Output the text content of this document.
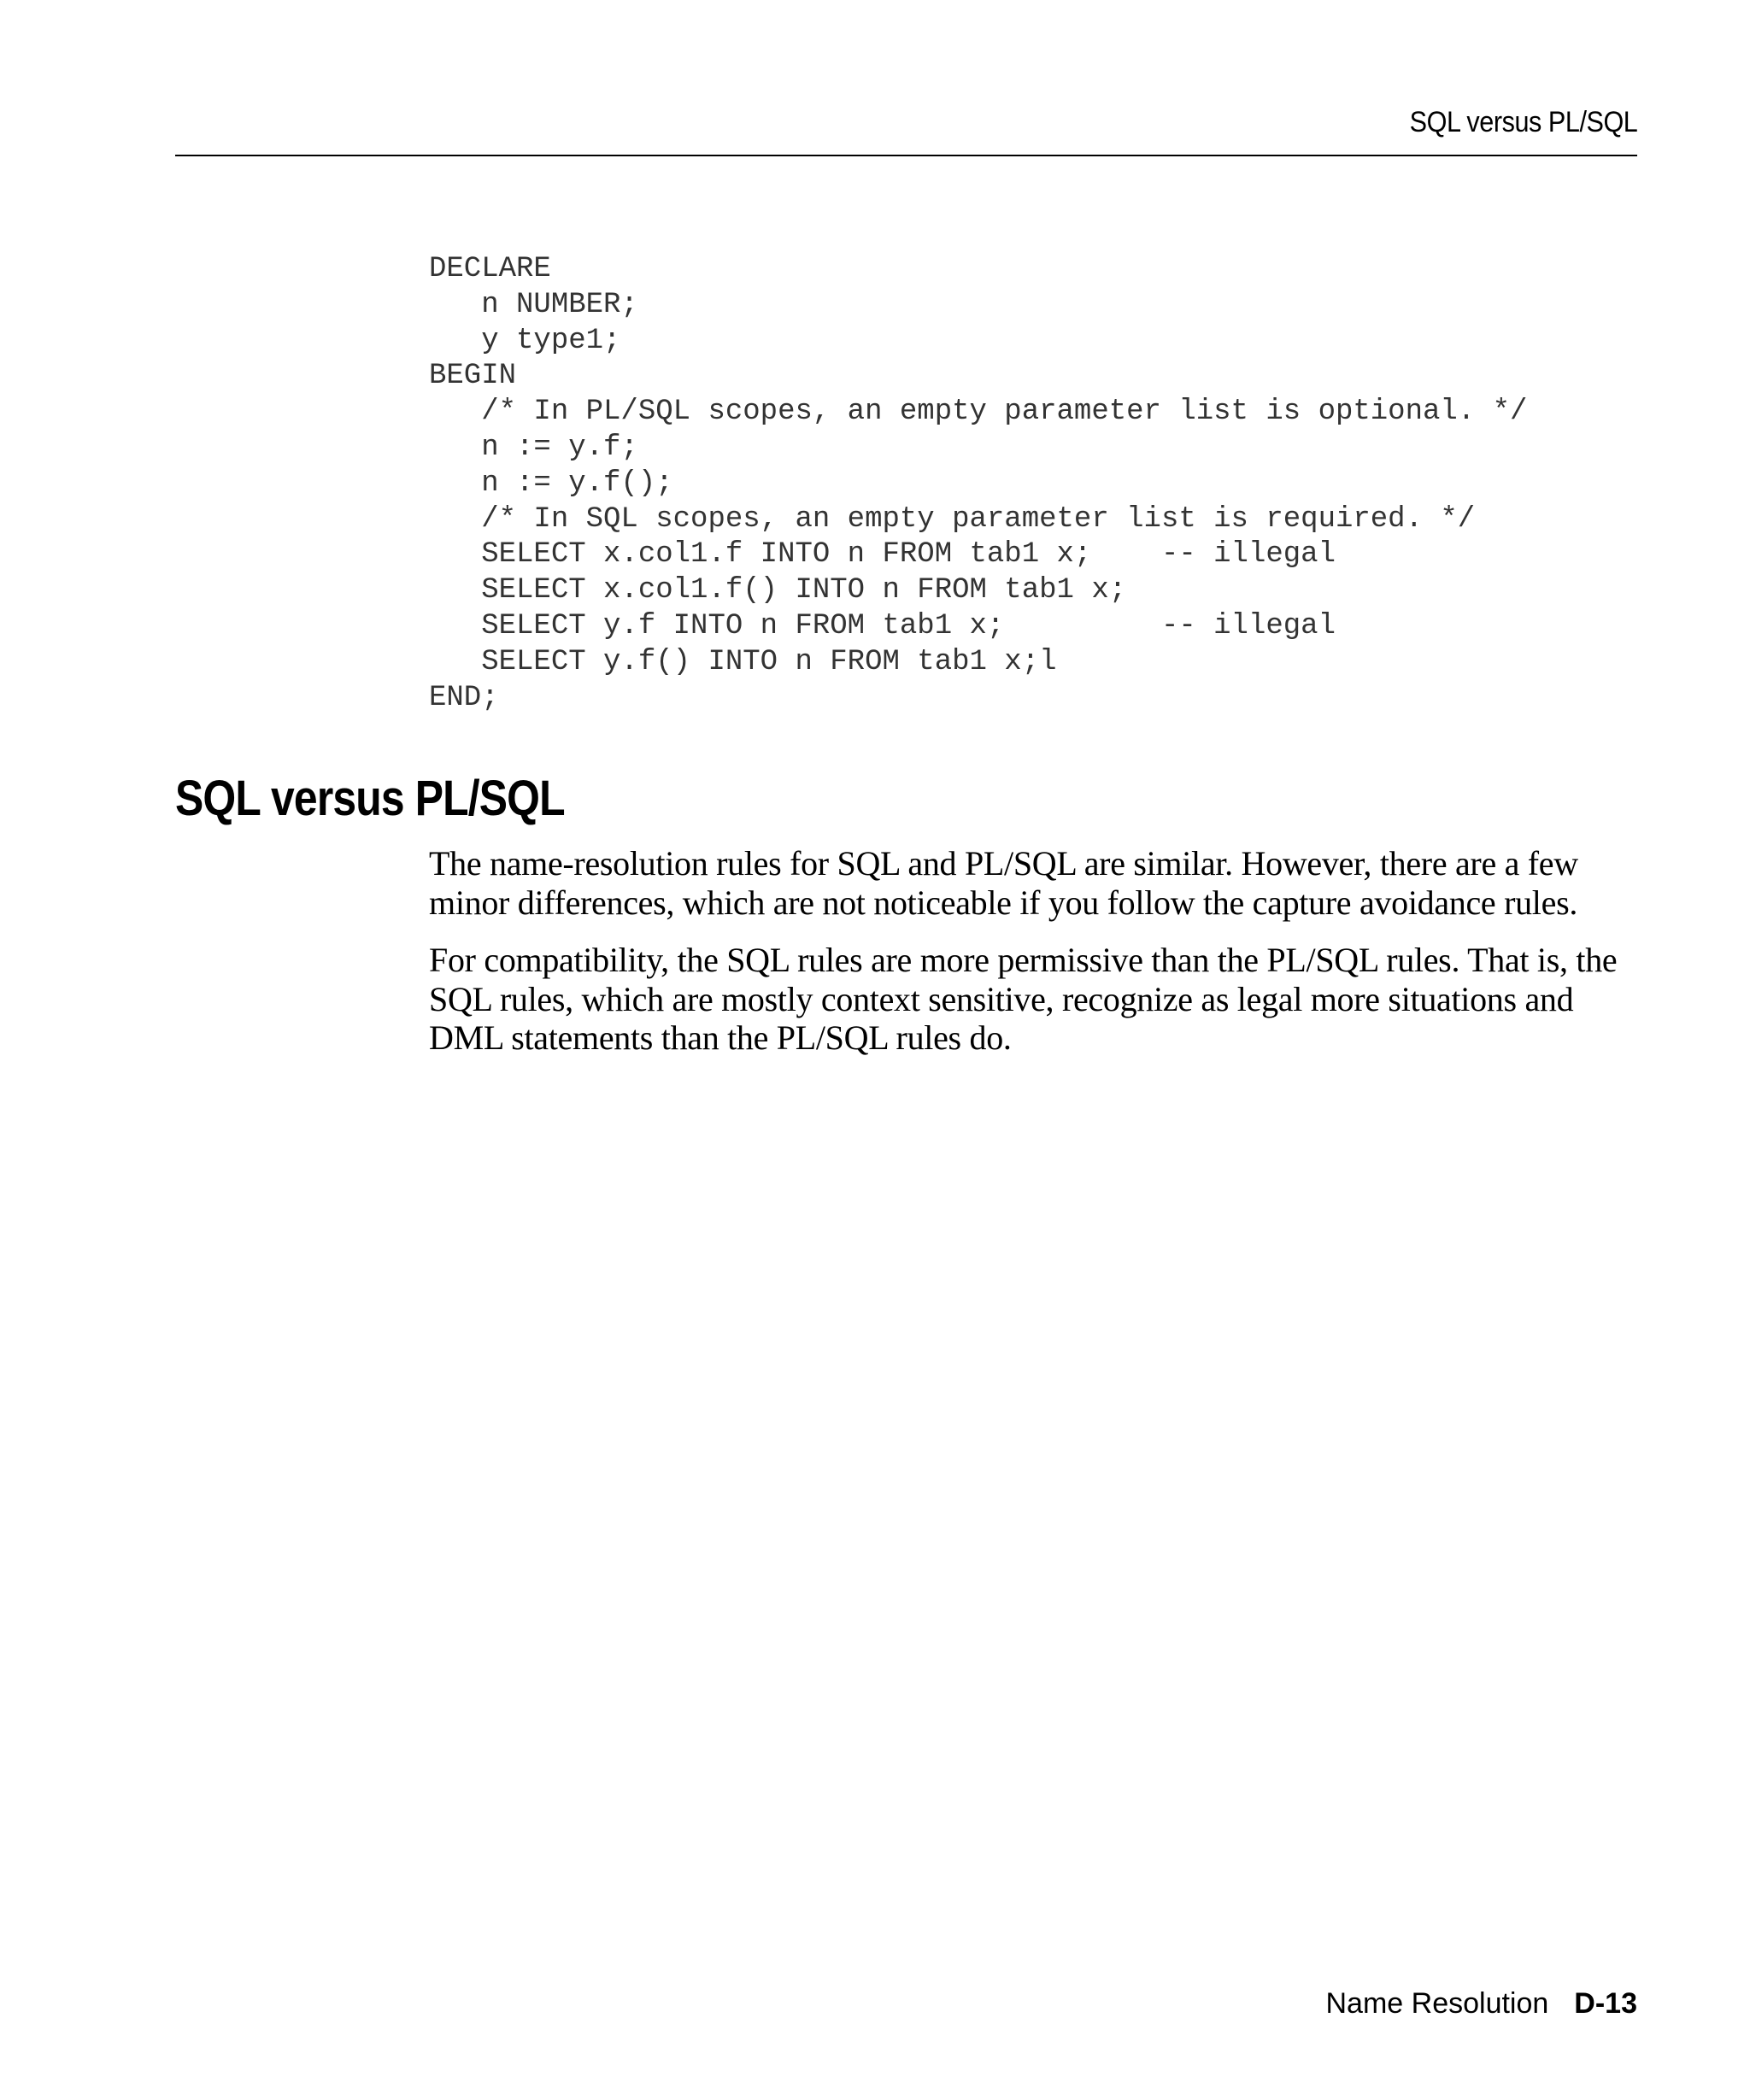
SQL versus PL/SQL
DECLARE
n NUMBER;
y type1;
BEGIN
/* In PL/SQL scopes, an empty parameter list is optional. */
n := y.f;
n := y.f();
/* In SQL scopes, an empty parameter list is required. */
SELECT x.col1.f INTO n FROM tab1 x;    -- illegal
SELECT x.col1.f() INTO n FROM tab1 x;
SELECT y.f INTO n FROM tab1 x;         -- illegal
SELECT y.f() INTO n FROM tab1 x;l
END;
SQL versus PL/SQL

The name-resolution rules for SQL and PL/SQL are similar. However, there are a few minor differences, which are not noticeable if you follow the capture avoidance rules.

For compatibility, the SQL rules are more permissive than the PL/SQL rules. That is, the SQL rules, which are mostly context sensitive, recognize as legal more situations and DML statements than the PL/SQL rules do.

Name Resolution D-13
